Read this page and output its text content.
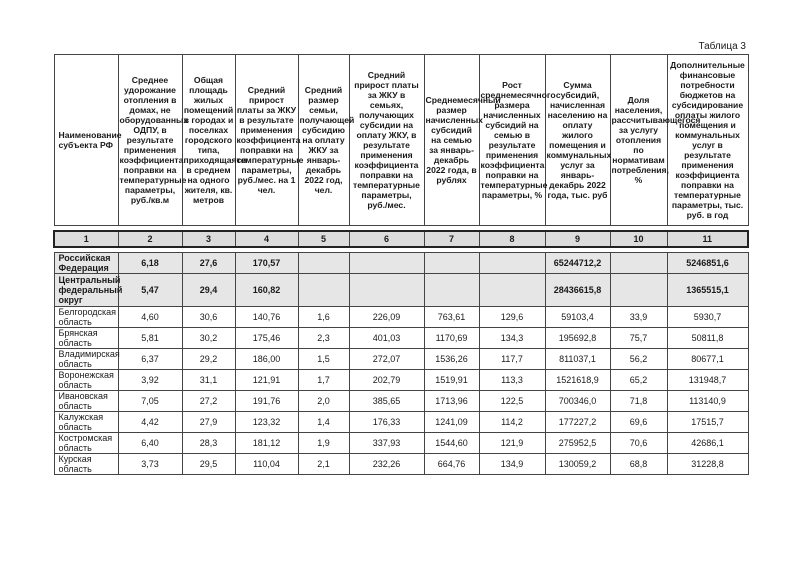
Таблица 3
Наименование субъекта РФ	Среднее удорожание отопления в домах, не оборудованных ОДПУ, в результате применения коэффициента поправки на температурные параметры, руб./кв.м	Общая площадь жилых помещений в городах и поселках городского типа, приходящаяся в среднем на одного жителя, кв. метров	Средний прирост платы за ЖКУ в результате применения коэффициента поправки на температурные параметры, руб./мес. на 1 чел.	Средний размер семьи, получающей субсидию на оплату ЖКУ за январь-декабрь 2022 год, чел.	Средний прирост платы за ЖКУ в семьях, получающих субсидии на оплату ЖКУ, в результате применения коэффициента поправки на температурные параметры, руб./мес.	Среднемесячный размер начисленных субсидий на семью за январь-декабрь 2022 года, в рублях	Рост среднемесячного размера начисленных субсидий на семью в результате применения коэффициента поправки на температурные параметры, %	Сумма субсидий, начисленная населению на оплату жилого помещения и коммунальных услуг за январь-декабрь 2022 года, тыс. руб	Доля населения, рассчитывающегося за услугу отопления по нормативам потребления, %	Дополнительные финансовые потребности бюджетов на субсидирование оплаты жилого помещения и коммунальных услуг в результате применения коэффициента поправки на температурные параметры, тыс. руб. в год

1	2	3	4	5	6	7	8	9	10	11

Российская Федерация	6,18	27,6	170,57					65244712,2		5246851,6
Центральный федеральный округ	5,47	29,4	160,82					28436615,8		1365515,1
Белгородская область	4,60	30,6	140,76	1,6	226,09	763,61	129,6	59103,4	33,9	5930,7
Брянская область	5,81	30,2	175,46	2,3	401,03	1170,69	134,3	195692,8	75,7	50811,8
Владимирская область	6,37	29,2	186,00	1,5	272,07	1536,26	117,7	811037,1	56,2	80677,1
Воронежская область	3,92	31,1	121,91	1,7	202,79	1519,91	113,3	1521618,9	65,2	131948,7
Ивановская область	7,05	27,2	191,76	2,0	385,65	1713,96	122,5	700346,0	71,8	113140,9
Калужская область	4,42	27,9	123,32	1,4	176,33	1241,09	114,2	177227,2	69,6	17515,7
Костромская область	6,40	28,3	181,12	1,9	337,93	1544,60	121,9	275952,5	70,6	42686,1
Курская область	3,73	29,5	110,04	2,1	232,26	664,76	134,9	130059,2	68,8	31228,8
